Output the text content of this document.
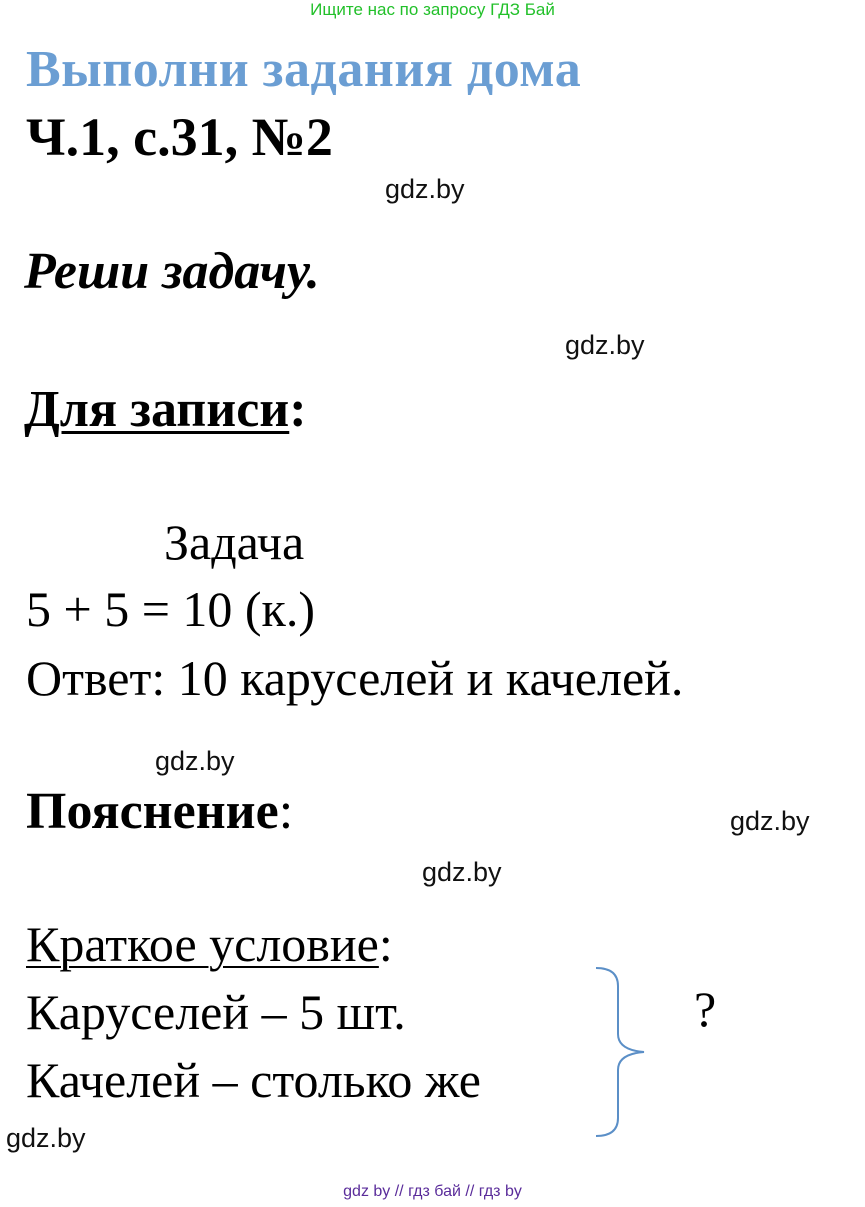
Ищите нас по запросу ГДЗ Бай
Выполни задания дома
Ч.1, с.31, №2
gdz.by
Реши задачу.
gdz.by
Для записи:
Задача
5 + 5 = 10 (к.)
Ответ: 10 каруселей и качелей.
gdz.by
Пояснение:	gdz.by
gdz.by
Краткое условие:
Каруселей – 5 шт.
Качелей – столько же
?
gdz.by
gdz by // гдз бай // гдз by
